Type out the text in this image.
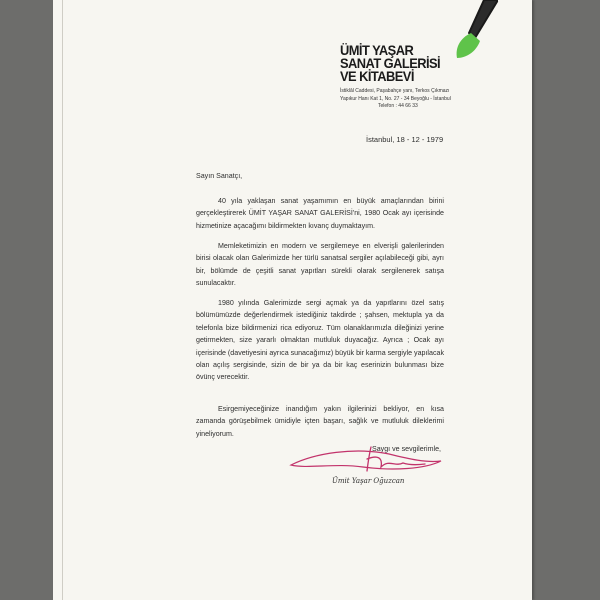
ÜMİT YAŞAR
SANAT GALERİSİ
VE KİTABEVİ
İstiklâl Caddesi, Paşabahçe yanı, Terkos Çıkmazı
Yapıkur Hanı Kat 1, No. 27 - 34 Beyoğlu - İstanbul
Telefon : 44 66 33

İstanbul, 18 - 12 - 1979

Sayın Sanatçı,

40 yıla yaklaşan sanat yaşamımın en büyük amaçlarından birini gerçekleştirerek ÜMİT YAŞAR SANAT GALERİSİ'ni, 1980 Ocak ayı içerisinde hizmetinize açacağımı bildirmekten kıvanç duymaktayım.

Memleketimizin en modern ve sergilemeye en elverişli galerilerinden birisi olacak olan Galerimizde her türlü sanatsal sergiler açılabileceği gibi, ayrı bir, bölümde de çeşitli sanat yapıtları sürekli olarak sergilenerek satışa sunulacaktır.

1980 yılında Galerimizde sergi açmak ya da yapıtlarını özel satış bölümümüzde değerlendirmek istediğiniz takdirde ; şahsen, mektupla ya da telefonla bize bildirmenizi rica ediyoruz. Tüm olanaklarımızla dileğinizi yerine getirmekten, size yararlı olmaktan mutluluk duyacağız. Ayrıca ; Ocak ayı içerisinde (davetiyesini ayrıca sunacağımız) büyük bir karma sergiyle yapılacak olan açılış sergisinde, sizin de bir ya da bir kaç eserinizin bulunması bize övünç verecektir.

Esirgemiyeceğinize inandığım yakın ilgilerinizi bekliyor, en kısa zamanda görüşebilmek ümidiyle içten başarı, sağlık ve mutluluk dileklerimi yineliyorum.

Saygı ve sevgilerimle,

Ümit Yaşar Oğuzcan
